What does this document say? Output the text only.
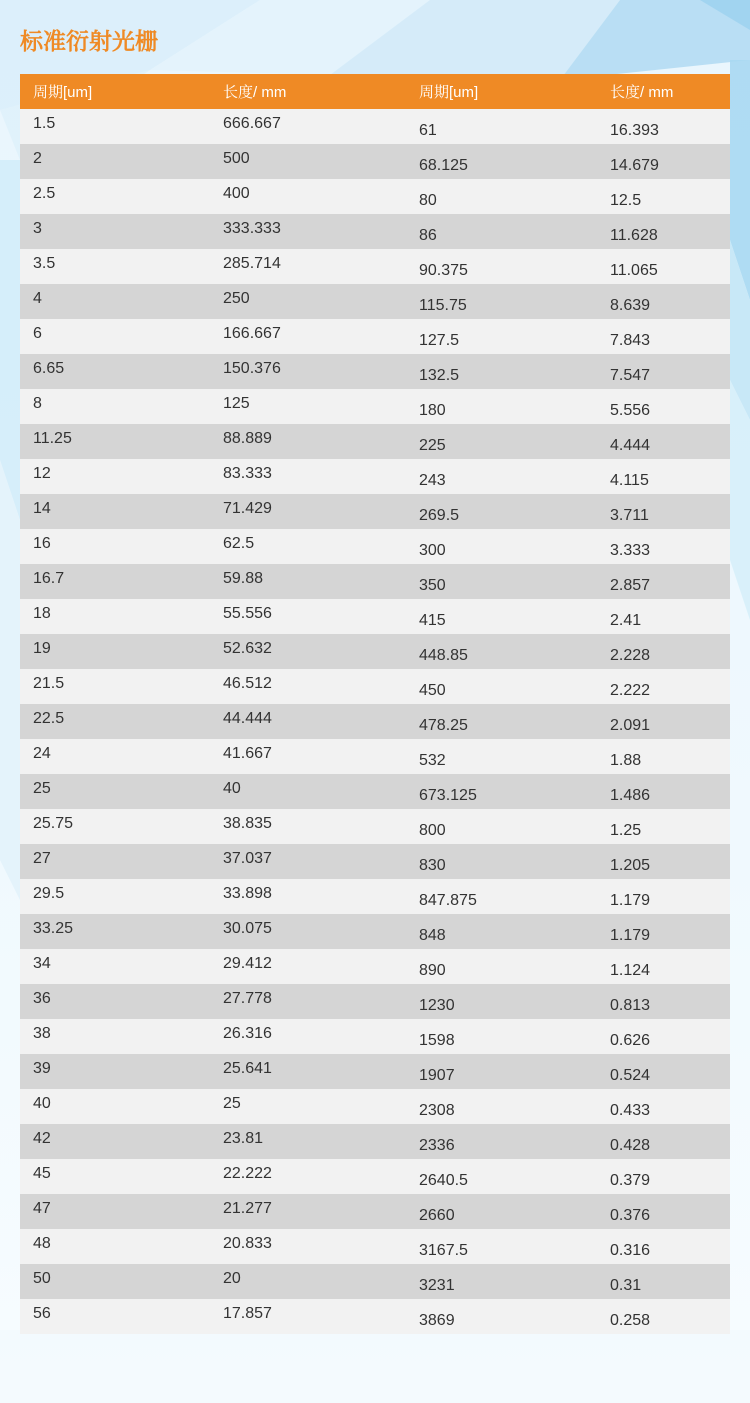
标准衍射光栅
周期[um]	长度/ mm	周期[um]	长度/ mm
1.5	666.667	61	16.393
2	500	68.125	14.679
2.5	400	80	12.5
3	333.333	86	11.628
3.5	285.714	90.375	11.065
4	250	115.75	8.639
6	166.667	127.5	7.843
6.65	150.376	132.5	7.547
8	125	180	5.556
11.25	88.889	225	4.444
12	83.333	243	4.115
14	71.429	269.5	3.711
16	62.5	300	3.333
16.7	59.88	350	2.857
18	55.556	415	2.41
19	52.632	448.85	2.228
21.5	46.512	450	2.222
22.5	44.444	478.25	2.091
24	41.667	532	1.88
25	40	673.125	1.486
25.75	38.835	800	1.25
27	37.037	830	1.205
29.5	33.898	847.875	1.179
33.25	30.075	848	1.179
34	29.412	890	1.124
36	27.778	1230	0.813
38	26.316	1598	0.626
39	25.641	1907	0.524
40	25	2308	0.433
42	23.81	2336	0.428
45	22.222	2640.5	0.379
47	21.277	2660	0.376
48	20.833	3167.5	0.316
50	20	3231	0.31
56	17.857	3869	0.258
